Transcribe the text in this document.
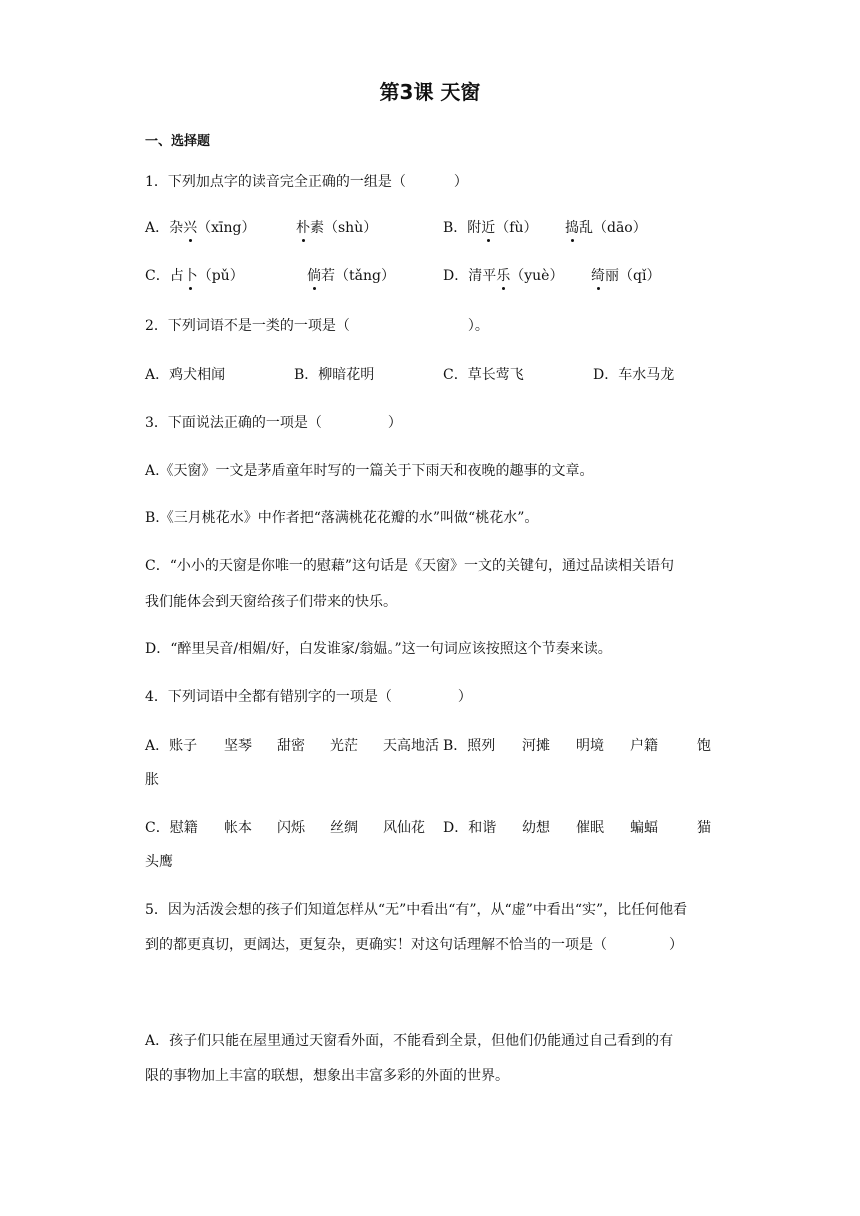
第3课 天窗
一、选择题
1．下列加点字的读音完全正确的一组是（	）
A．杂兴（xīng）	朴素（shù）	B．附近（fù） 捣乱（dāo）
C．占卜（pǔ）	倘若（tǎng）	D．清平乐（yuè） 绮丽（qǐ）
2．下列词语不是一类的一项是（	）。
A．鸡犬相闻	B．柳暗花明	C．草长莺飞	D．车水马龙
3．下面说法正确的一项是（	）
A.《天窗》一文是茅盾童年时写的一篇关于下雨天和夜晚的趣事的文章。
B.《三月桃花水》中作者把“落满桃花花瓣的水”叫做“桃花水”。
C．“小小的天窗是你唯一的慰藉”这句话是《天窗》一文的关键句，通过品读相关语句
我们能体会到天窗给孩子们带来的快乐。
D．“醉里吴音/相媚/好，白发谁家/翁媪。”这一句词应该按照这个节奏来读。
4．下列词语中全都有错别字的一项是（	）
A．账子 坚琴 甜密 光茫 天高地活 B．照列 河摊 明境 户籍	饱
胀
C．慰籍 帐本 闪烁 丝绸 风仙花 D．和谐 幼想 催眠 蝙蝠	猫
头鹰
5．因为活泼会想的孩子们知道怎样从“无”中看出“有”，从“虚”中看出“实”，比任何他看
到的都更真切，更阔达，更复杂，更确实！对这句话理解不恰当的一项是（	）
A．孩子们只能在屋里通过天窗看外面，不能看到全景，但他们仍能通过自己看到的有
限的事物加上丰富的联想，想象出丰富多彩的外面的世界。
